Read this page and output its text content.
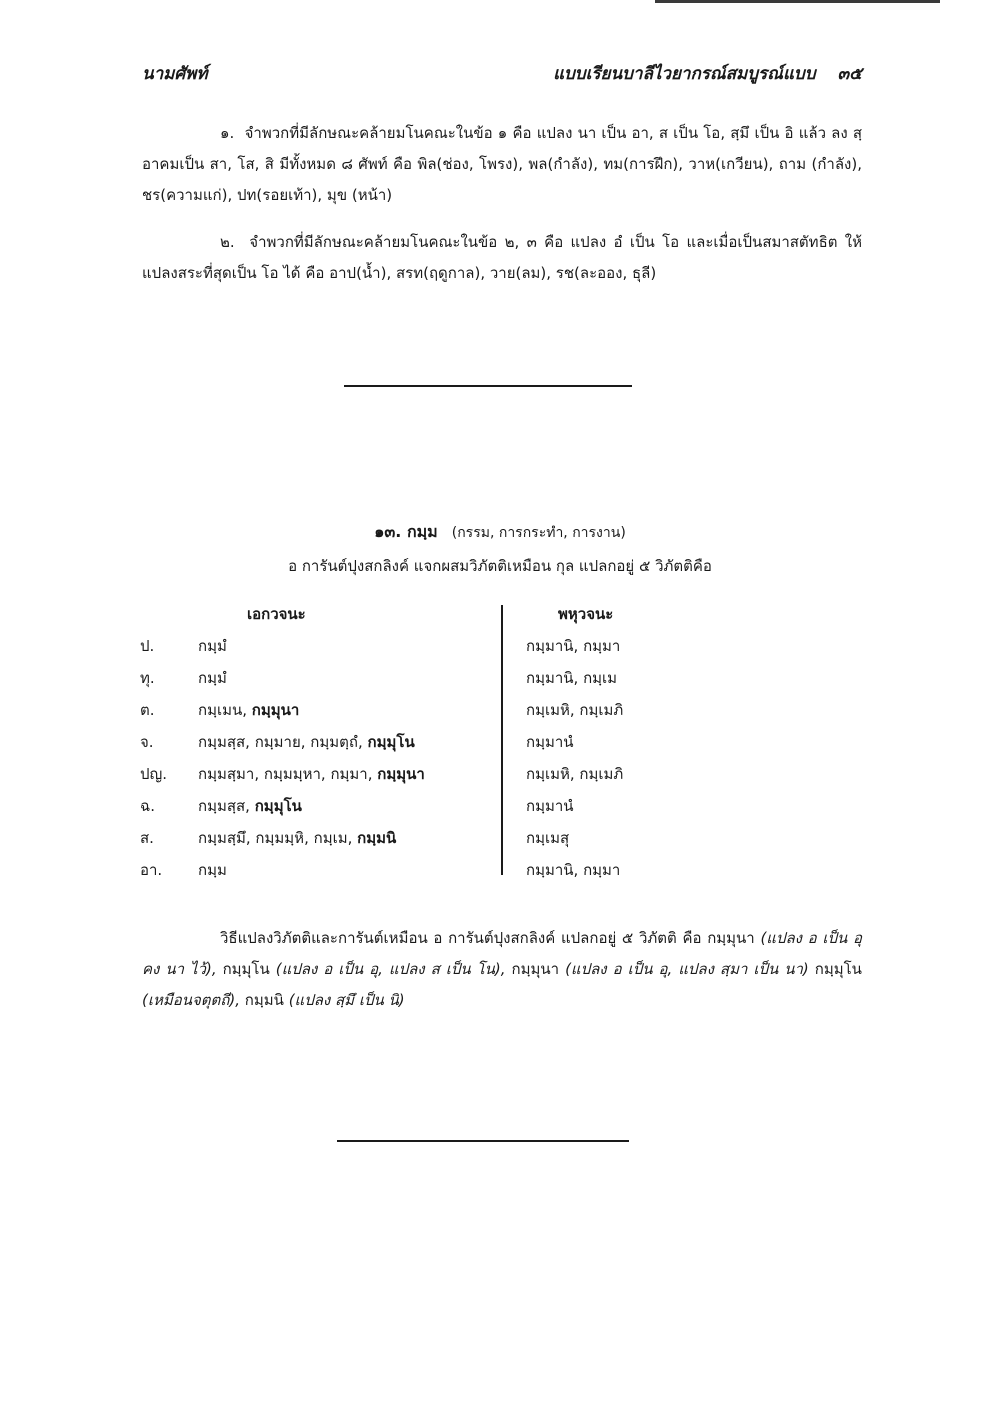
นามศัพท์	แบบเรียนบาลีไวยากรณ์สมบูรณ์แบบ ๓๕

๑. จำพวกที่มีลักษณะคล้ายมโนคณะในข้อ ๑ คือ แปลง นา เป็น อา, ส เป็น โอ, สฺมึ เป็น อิ แล้ว ลง สฺ อาคมเป็น สา, โส, สิ มีทั้งหมด ๘ ศัพท์ คือ พิล(ช่อง, โพรง), พล(กำลัง), ทม(การฝึก), วาห(เกวียน), ถาม (กำลัง), ชร(ความแก่), ปท(รอยเท้า), มุข (หน้า)

๒. จำพวกที่มีลักษณะคล้ายมโนคณะในข้อ ๒, ๓ คือ แปลง อํ เป็น โอ และเมื่อเป็นสมาสตัทธิต ให้แปลงสระที่สุดเป็น โอ ได้ คือ อาป(น้ำ), สรท(ฤดูกาล), วาย(ลม), รช(ละออง, ธุลี)

๑๓. กมฺม (กรรม, การกระทำ, การงาน)
อ การันต์ปุงสกลิงค์ แจกผสมวิภัตติเหมือน กุล แปลกอยู่ ๕ วิภัตติคือ
เอกวจนะ	พหุวจนะ
ป.	กมฺมํ	กมฺมานิ, กมฺมา
ทุ.	กมฺมํ	กมฺมานิ, กมฺเม
ต.	กมฺเมน, กมฺมุนา	กมฺเมหิ, กมฺเมภิ
จ.	กมฺมสฺส, กมฺมาย, กมฺมตฺถํ, กมฺมุโน	กมฺมานํ
ปญ. กมฺมสฺมา, กมฺมมฺหา, กมฺมา, กมฺมุนา	กมฺเมหิ, กมฺเมภิ
ฉ.	กมฺมสฺส, กมฺมุโน	กมฺมานํ
ส.	กมฺมสฺมึ, กมฺมมฺหิ, กมฺเม, กมฺมนิ	กมฺเมสุ
อา. กมฺม	กมฺมานิ, กมฺมา

วิธีแปลงวิภัตติและการันต์เหมือน อ การันต์ปุงสกลิงค์ แปลกอยู่ ๕ วิภัตติ คือ กมฺมุนา (แปลง อ เป็น อุ คง นา ไว้), กมฺมุโน (แปลง อ เป็น อุ, แปลง ส เป็น โน), กมฺมุนา (แปลง อ เป็น อุ, แปลง สฺมา เป็น นา) กมฺมุโน (เหมือนจตุตถี), กมฺมนิ (แปลง สฺมึ เป็น นิ)
